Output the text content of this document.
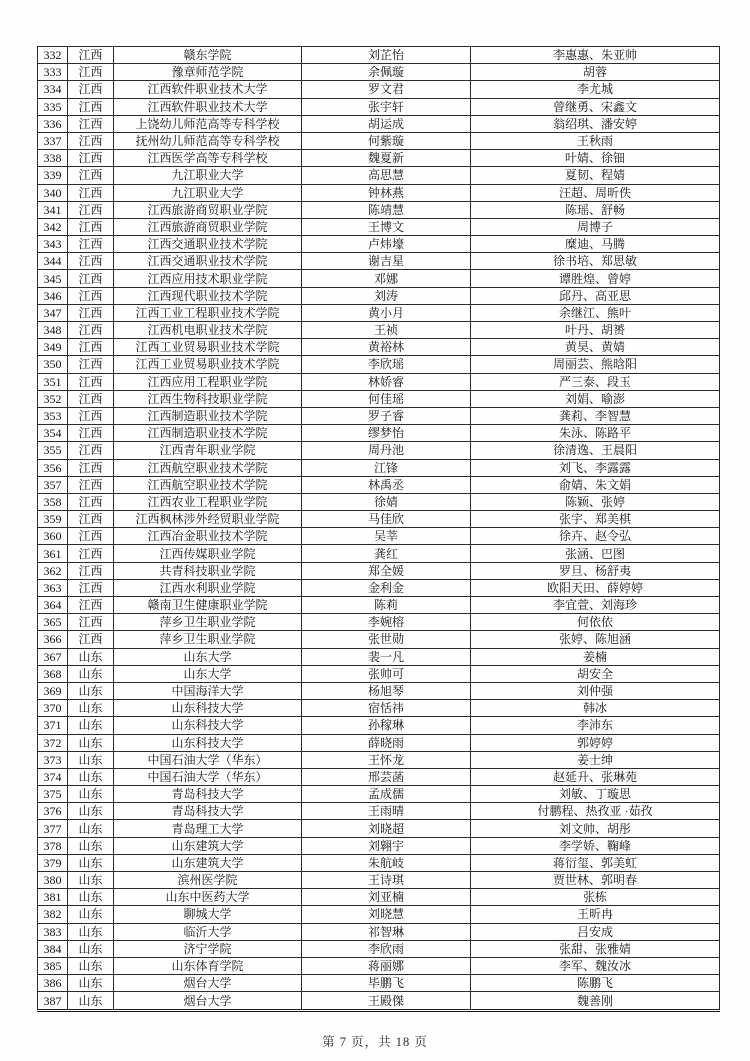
332	江西	赣东学院	刘芷怡	李惠惠、朱亚帅
333	江西	豫章师范学院	余佩璇	胡蓉
334	江西	江西软件职业技术大学	罗文君	李尤城
335	江西	江西软件职业技术大学	张宇轩	曾继勇、宋鑫文
336	江西	上饶幼儿师范高等专科学校	胡运成	翁绍琪、潘安婷
337	江西	抚州幼儿师范高等专科学校	何紫璇	王秋雨
338	江西	江西医学高等专科学校	魏夏新	叶婧、徐钿
339	江西	九江职业大学	高思慧	夏韧、程婧
340	江西	九江职业大学	钟林燕	汪超、周昕佚
341	江西	江西旅游商贸职业学院	陈靖慧	陈瑶、舒畅
342	江西	江西旅游商贸职业学院	王博文	周博子
343	江西	江西交通职业技术学院	卢炜壕	糜迪、马腾
344	江西	江西交通职业技术学院	谢吉星	徐书培、郑思敏
345	江西	江西应用技术职业学院	邓娜	谭胜煌、曾婷
346	江西	江西现代职业技术学院	刘涛	邱丹、高亚思
347	江西	江西工业工程职业技术学院	黄小月	余继江、熊叶
348	江西	江西机电职业技术学院	王祯	叶丹、胡赟
349	江西	江西工业贸易职业技术学院	黄裕林	黄昊、黄婧
350	江西	江西工业贸易职业技术学院	李欣瑶	周丽芸、熊晗阳
351	江西	江西应用工程职业学院	林娇睿	严三泰、段玉
352	江西	江西生物科技职业学院	何佳瑶	刘娟、喻澎
353	江西	江西制造职业技术学院	罗子睿	龚莉、李智慧
354	江西	江西制造职业技术学院	缪梦怡	朱泳、陈路平
355	江西	江西青年职业学院	周丹池	徐清逸、王晨阳
356	江西	江西航空职业技术学院	江锋	刘飞、李露露
357	江西	江西航空职业技术学院	林禹丞	俞婧、朱文娟
358	江西	江西农业工程职业学院	徐婧	陈颖、张婷
359	江西	江西枫林涉外经贸职业学院	马佳欣	张宇、郑美棋
360	江西	江西冶金职业技术学院	吴莘	徐卉、赵令弘
361	江西	江西传媒职业学院	龚红	张涵、巴图
362	江西	共青科技职业学院	郑全媛	罗旦、杨舒夷
363	江西	江西水利职业学院	金利金	欧阳天田、薛婷婷
364	江西	赣南卫生健康职业学院	陈莉	李宜萱、刘海珍
365	江西	萍乡卫生职业学院	李婉榕	何依依
366	江西	萍乡卫生职业学院	张世勋	张婷、陈旭涵
367	山东	山东大学	裴一凡	姜楠
368	山东	山东大学	张帅可	胡安全
369	山东	中国海洋大学	杨旭琴	刘仲强
370	山东	山东科技大学	宿恬祎	韩冰
371	山东	山东科技大学	孙稼琳	李沛东
372	山东	山东科技大学	薛晓雨	郭婷婷
373	山东	中国石油大学（华东）	王怀龙	姜士绅
374	山东	中国石油大学（华东）	邢芸菡	赵延升、张琳苑
375	山东	青岛科技大学	孟成儒	刘敏、丁璇思
376	山东	青岛科技大学	王雨晴	付鹏程、热孜亚 ·茹孜
377	山东	青岛理工大学	刘晓超	刘文帅、胡彤
378	山东	山东建筑大学	刘翱宇	李学娇、鞠峰
379	山东	山东建筑大学	朱航岐	蒋衍玺、郭美虹
380	山东	滨州医学院	王诗琪	贾世林、郭明春
381	山东	山东中医药大学	刘亚楠	张栋
382	山东	聊城大学	刘晓慧	王昕冉
383	山东	临沂大学	祁智琳	吕安成
384	山东	济宁学院	李欣雨	张甜、张雅婧
385	山东	山东体育学院	蒋丽娜	李军、魏汝冰
386	山东	烟台大学	毕鹏飞	陈鹏飞
387	山东	烟台大学	王殿傑	魏善刚
第 7 页，共 18 页
